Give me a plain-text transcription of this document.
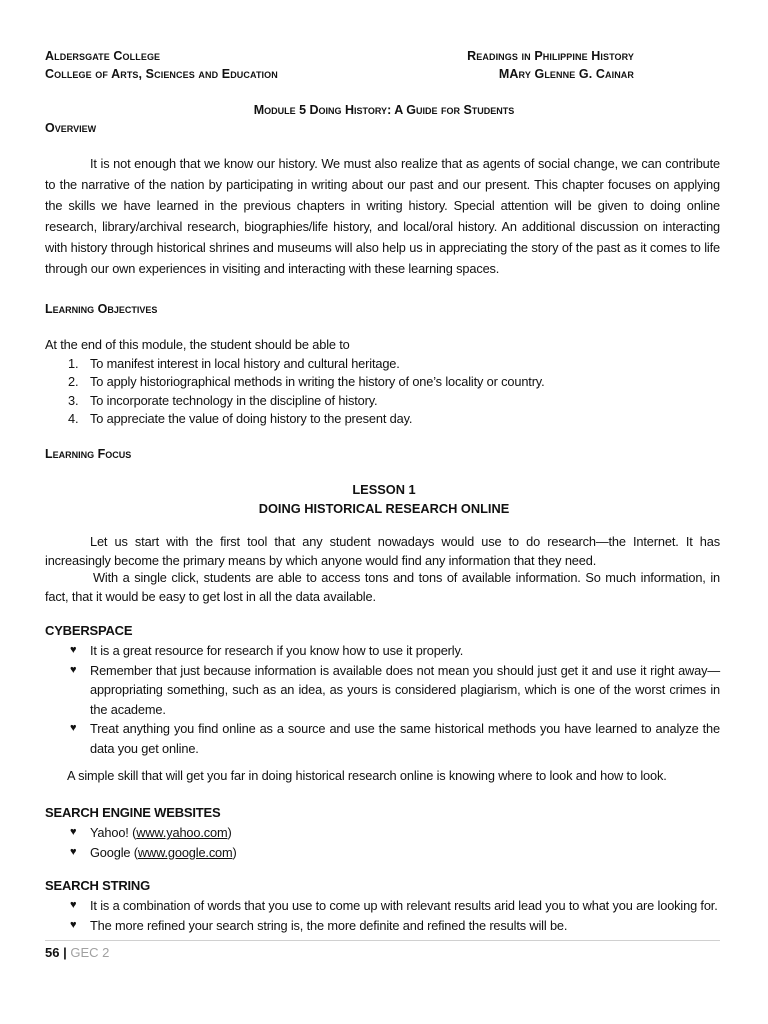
Aldersgate College
College of Arts, Sciences and Education
Readings in Philippine History
MAry Glenne G. Cainar
Module 5 Doing History: A Guide for Students
Overview
It is not enough that we know our history. We must also realize that as agents of social change, we can contribute to the narrative of the nation by participating in writing about our past and our present. This chapter focuses on applying the skills we have learned in the previous chapters in writing history. Special attention will be given to doing online research, library/archival research, biographies/life history, and local/oral history. An additional discussion on interacting with history through historical shrines and museums will also help us in appreciating the story of the past as it comes to life through our own experiences in visiting and interacting with these learning spaces.
Learning Objectives
At the end of this module, the student should be able to
1. To manifest interest in local history and cultural heritage.
2. To apply historiographical methods in writing the history of one’s locality or country.
3. To incorporate technology in the discipline of history.
4. To appreciate the value of doing history to the present day.
Learning Focus
LESSON 1
DOING HISTORICAL RESEARCH ONLINE
Let us start with the first tool that any student nowadays would use to do research—the Internet. It has increasingly become the primary means by which anyone would find any information that they need.
With a single click, students are able to access tons and tons of available information. So much information, in fact, that it would be easy to get lost in all the data available.
CYBERSPACE
♥ It is a great resource for research if you know how to use it properly.
♥ Remember that just because information is available does not mean you should just get it and use it right away—appropriating something, such as an idea, as yours is considered plagiarism, which is one of the worst crimes in the academe.
♥ Treat anything you find online as a source and use the same historical methods you have learned to analyze the data you get online.
A simple skill that will get you far in doing historical research online is knowing where to look and how to look.
SEARCH ENGINE WEBSITES
♥ Yahoo! (www.yahoo.com)
♥ Google (www.google.com)
SEARCH STRING
♥ It is a combination of words that you use to come up with relevant results arid lead you to what you are looking for.
♥ The more refined your search string is, the more definite and refined the results will be.
56 | GEC 2
